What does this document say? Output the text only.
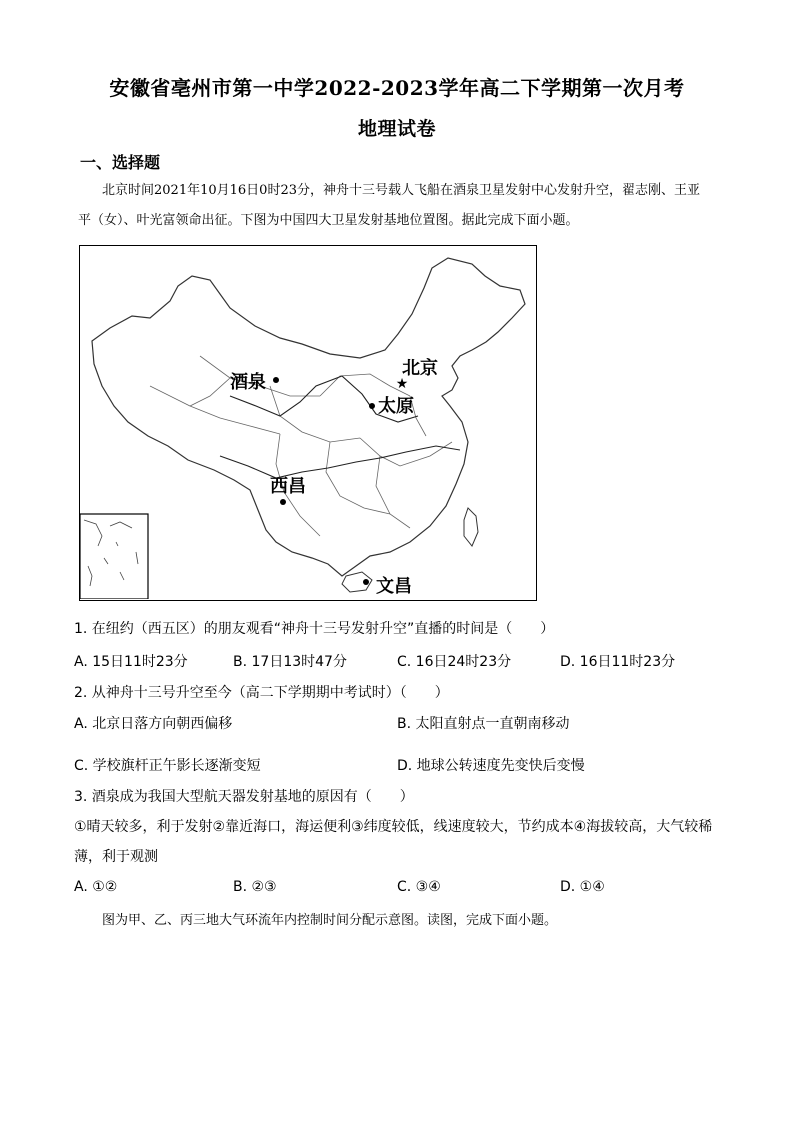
安徽省亳州市第一中学2022-2023学年高二下学期第一次月考
地理试卷
一、选择题
北京时间2021年10月16日0时23分，神舟十三号载人飞船在酒泉卫星发射中心发射升空，翟志刚、王亚平（女）、叶光富领命出征。下图为中国四大卫星发射基地位置图。据此完成下面小题。
★
酒泉
北京
太原
西昌
文昌
1. 在纽约（西五区）的朋友观看“神舟十三号发射升空”直播的时间是（　　）
A. 15日11时23分	B. 17日13时47分	C. 16日24时23分	D. 16日11时23分
2. 从神舟十三号升空至今（高二下学期期中考试时）（　　）
A. 北京日落方向朝西偏移	B. 太阳直射点一直朝南移动
C. 学校旗杆正午影长逐渐变短	D. 地球公转速度先变快后变慢
3. 酒泉成为我国大型航天器发射基地的原因有（　　）
①晴天较多，利于发射②靠近海口，海运便利③纬度较低，线速度较大，节约成本④海拔较高，大气较稀薄，利于观测
A. ①②	B. ②③	C. ③④	D. ①④
图为甲、乙、丙三地大气环流年内控制时间分配示意图。读图，完成下面小题。
